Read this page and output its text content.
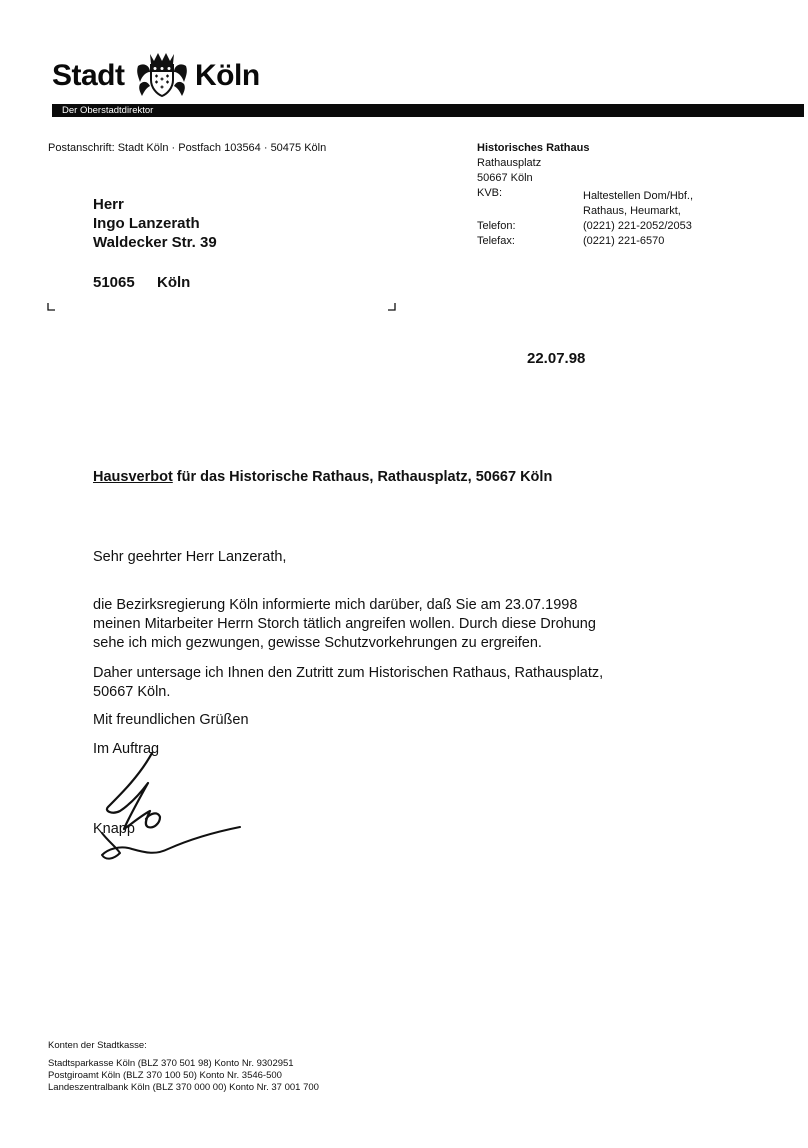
Stadt Köln
Der Oberstadtdirektor
Postanschrift: Stadt Köln · Postfach 103564 · 50475 Köln
Herr
Ingo Lanzerath
Waldecker Str. 39
51065 Köln
Historisches Rathaus
Rathausplatz
50667 Köln
KVB:	Haltestellen Dom/Hbf.,
Rathaus, Heumarkt,
Telefon:	(0221) 221-2052/2053
Telefax:	(0221) 221-6570
22.07.98
Hausverbot für das Historische Rathaus, Rathausplatz, 50667 Köln
Sehr geehrter Herr Lanzerath,
die Bezirksregierung Köln informierte mich darüber, daß Sie am 23.07.1998
meinen Mitarbeiter Herrn Storch tätlich angreifen wollen. Durch diese Drohung
sehe ich mich gezwungen, gewisse Schutzvorkehrungen zu ergreifen.
Daher untersage ich Ihnen den Zutritt zum Historischen Rathaus, Rathausplatz,
50667 Köln.
Mit freundlichen Grüßen
Im Auftrag
Knapp
Konten der Stadtkasse:
Stadtsparkasse Köln (BLZ 370 501 98) Konto Nr. 9302951
Postgiroamt Köln (BLZ 370 100 50) Konto Nr. 3546-500
Landeszentralbank Köln (BLZ 370 000 00) Konto Nr. 37 001 700
